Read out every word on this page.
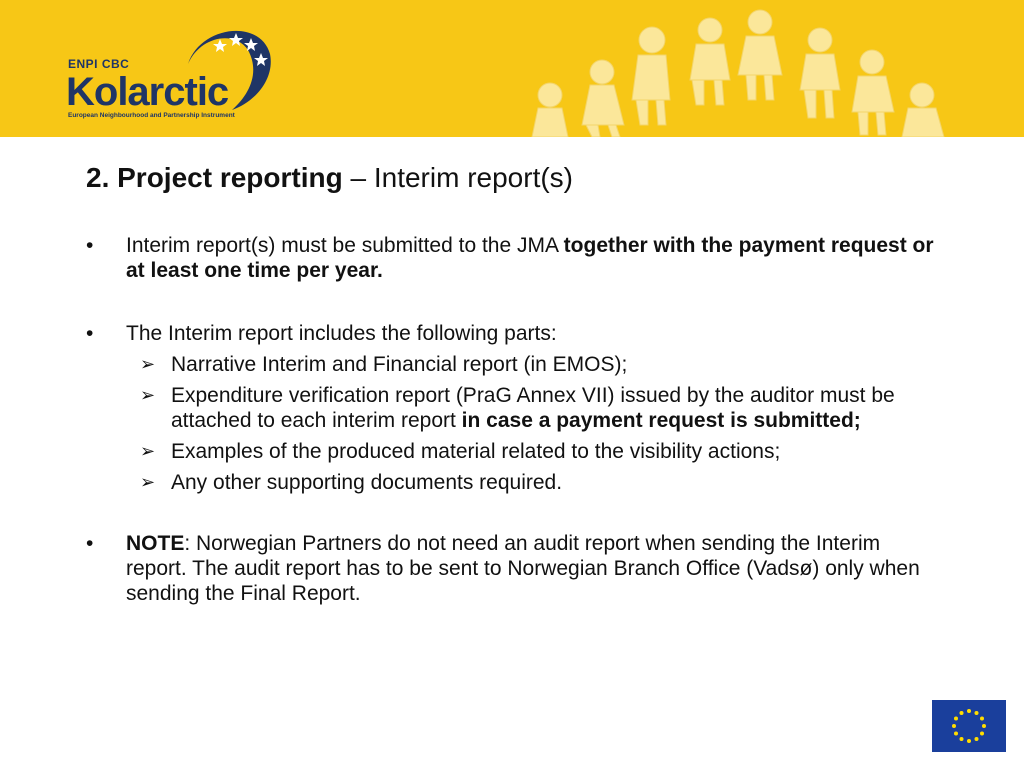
ENPI CBC
Kolarctic
European Neighbourhood and Partnership Instrument
2. Project reporting – Interim report(s)
• Interim report(s) must be submitted to the JMA together with the payment request or at least one time per year.
• The Interim report includes the following parts:
➢ Narrative Interim and Financial report (in EMOS);
➢ Expenditure verification report (PraG Annex VII) issued by the auditor must be attached to each interim report in case a payment request is submitted;
➢ Examples of the produced material related to the visibility actions;
➢ Any other supporting documents required.
• NOTE: Norwegian Partners do not need an audit report when sending the Interim report. The audit report has to be sent to Norwegian Branch Office (Vadsø) only when sending the Final Report.
